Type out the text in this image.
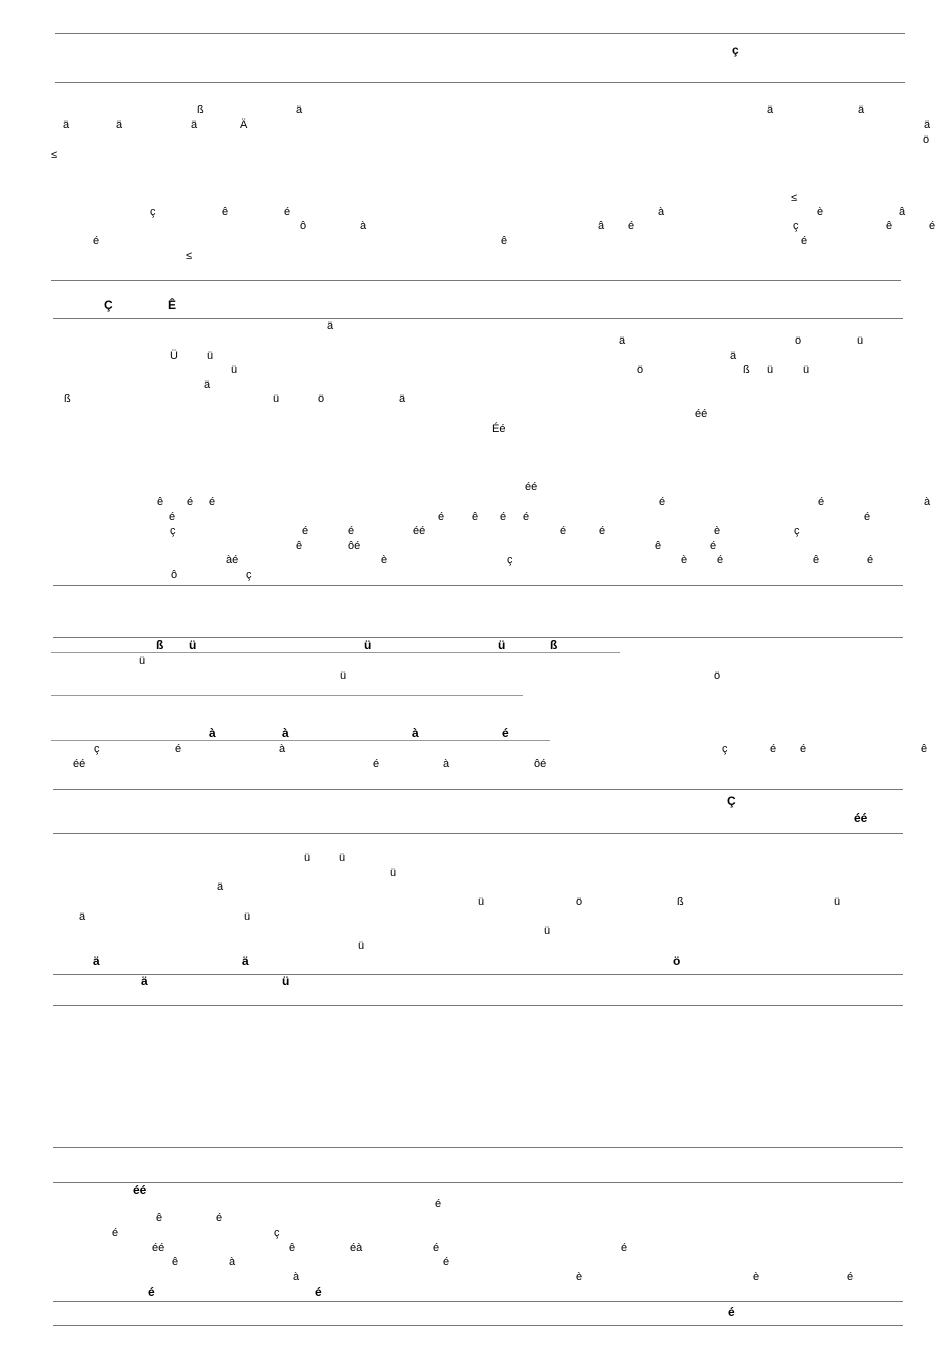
ç
ß	ä	ä	ä
ä	ä	Ä
ä	ä
ö
≤
≤
ç	ê	é	à	è	â
ô	à	â é	ç	ê	é
é	ê	é
≤
Ç	Ê
ä
ä	ö	ü
Ü	ü	ä
ü	ö	ß ü	ü
ä
ß	ü	ö	ä
éé
Éé
éé
ê é é	é	é	à
é	é	ê é é	é
ç	é	é	éé	é	é	è	ç
ê	ôé	ê	é
àé	è	ç	è	é	ê	é
ô	ç
ß ü	ü	ü	ß
ü
ü	ö
à	à	à	é
ç	é	à	ç	é é	ê
éé	é	à	ôé
Ç
éé
ü	ü
ü
ä
ü	ö	ß	ü
ä	ü
ü
ü
ä	ä	ö
ä	ü
éé
é
ê	é
é	ç
éé	ê	éà	é	é
ê	à	é
à	è	è	é
é	é
é
